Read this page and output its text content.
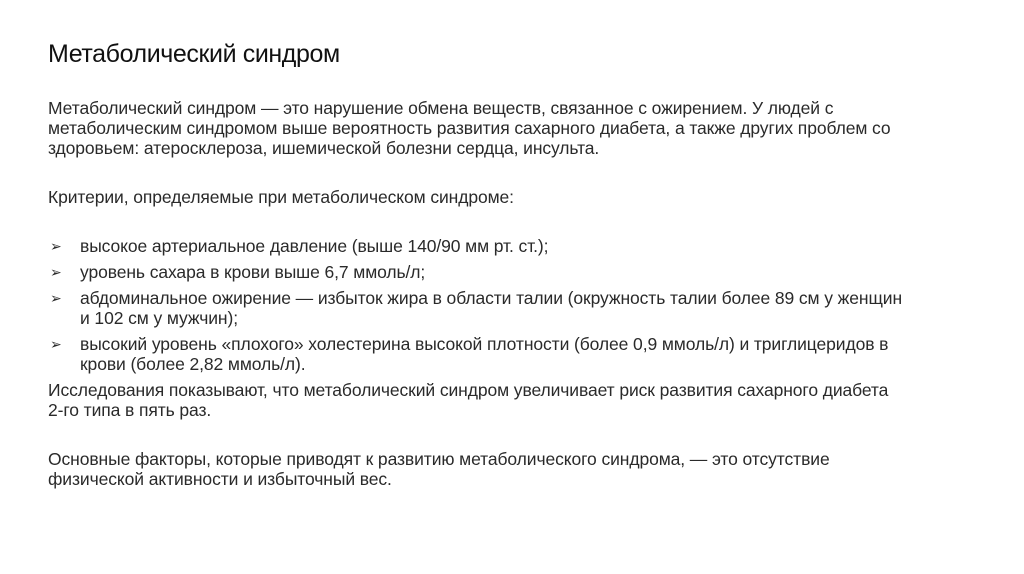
Метаболический синдром

Метаболический синдром — это нарушение обмена веществ, связанное с ожирением. У людей с метаболическим синдромом выше вероятность развития сахарного диабета, а также других проблем со здоровьем: атеросклероза, ишемической болезни сердца, инсульта.

Критерии, определяемые при метаболическом синдроме:

➢ высокое артериальное давление (выше 140/90 мм рт. ст.);
➢ уровень сахара в крови выше 6,7 ммоль/л;
➢ абдоминальное ожирение — избыток жира в области талии (окружность талии более 89 см у женщин и 102 см у мужчин);
➢ высокий уровень «плохого» холестерина высокой плотности (более 0,9 ммоль/л) и триглицеридов в крови (более 2,82 ммоль/л).

Исследования показывают, что метаболический синдром увеличивает риск развития сахарного диабета 2-го типа в пять раз.

Основные факторы, которые приводят к развитию метаболического синдрома, — это отсутствие физической активности и избыточный вес.
